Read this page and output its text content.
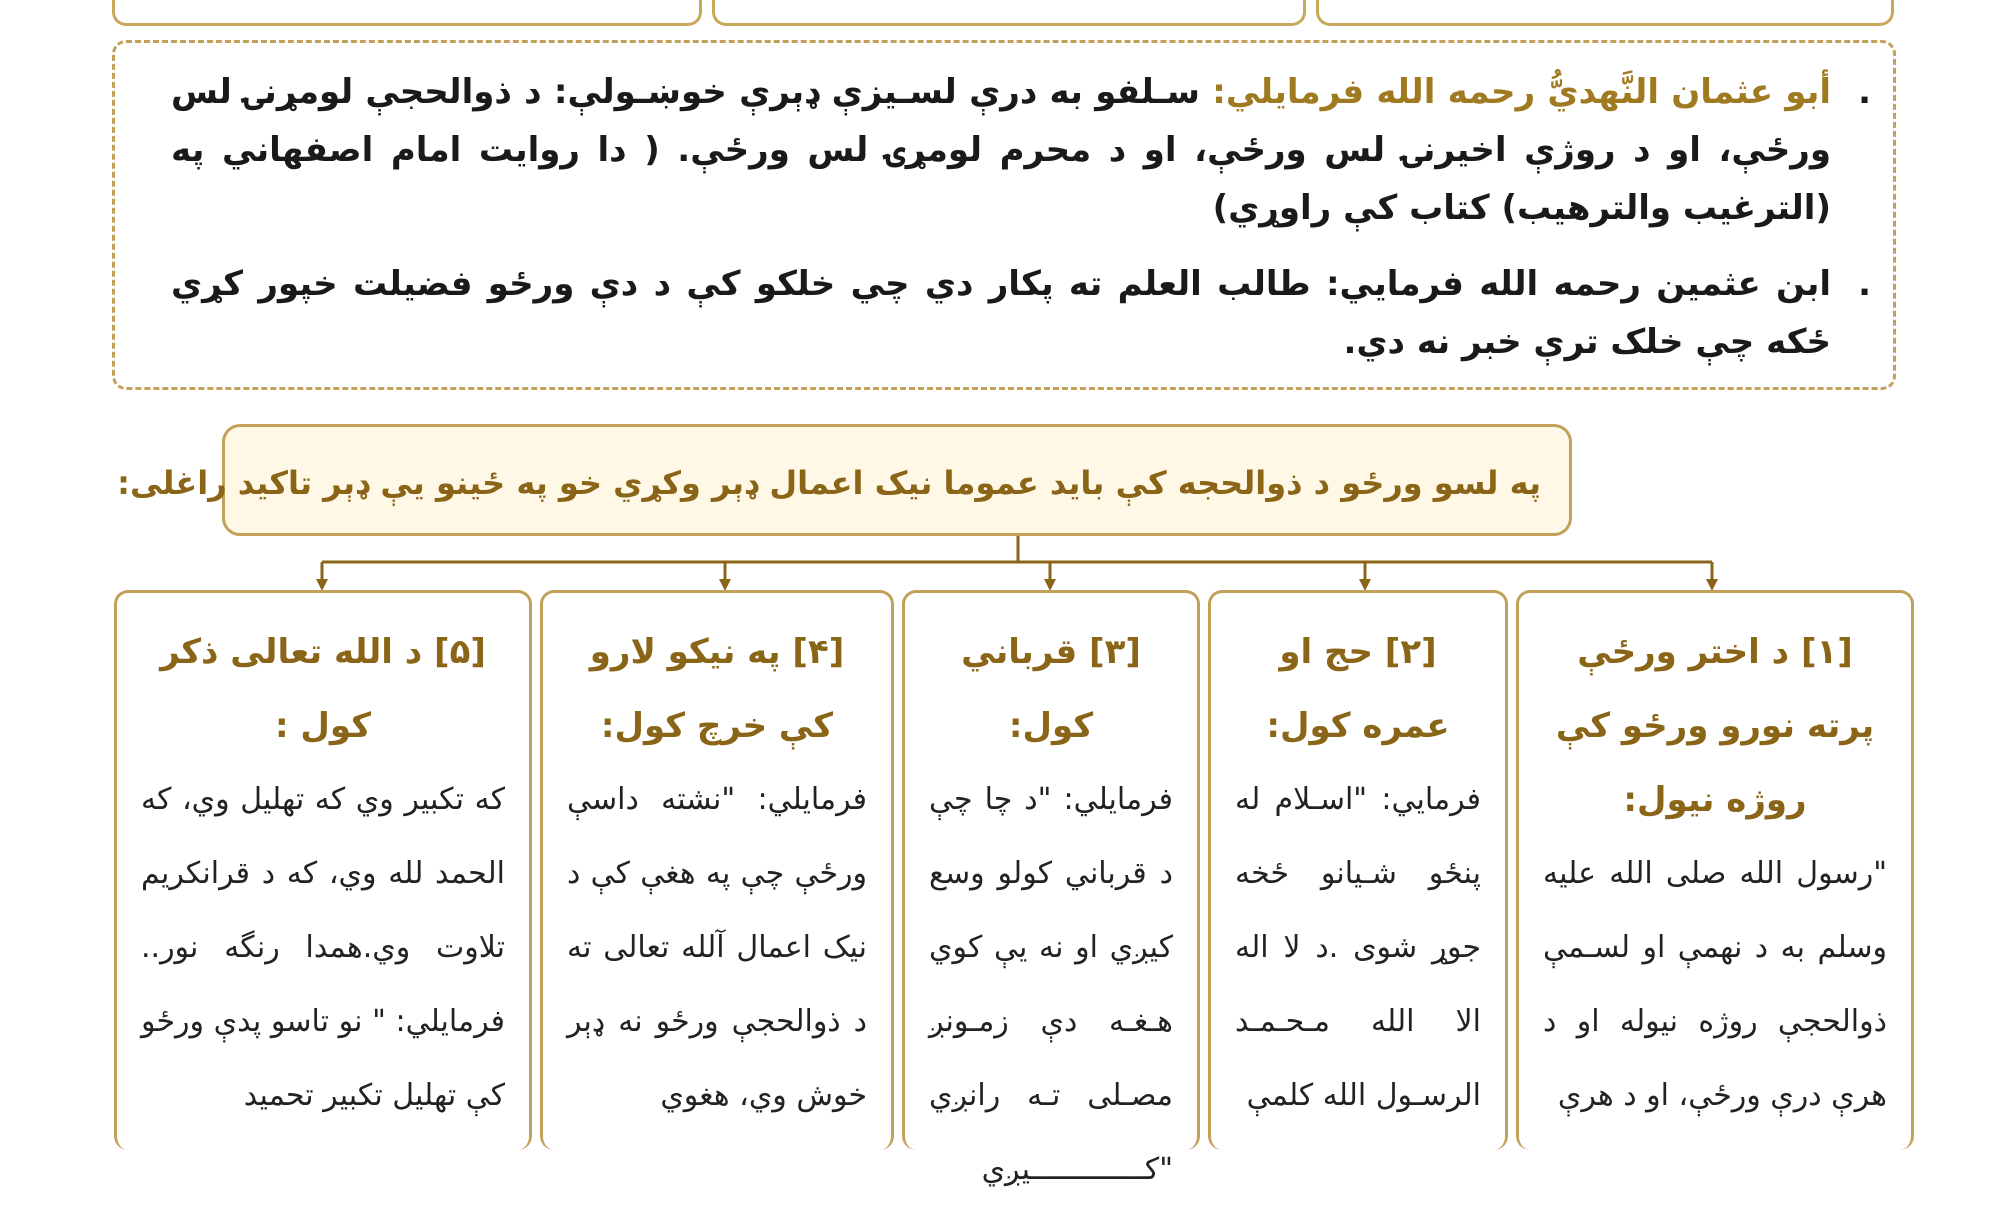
. أبو عثمان النَّهديُّ رحمه الله فرمايلي: سـلفو به درې لسـيزې ډېرې خوښـولې: د ذوالحجې لومړنۍ لس ورځې، او د روژې اخيرنۍ لس ورځې، او د محرم لومړۍ لس ورځې. ( دا روايت امام اصفهاني په (الترغيب والترهيب) كتاب كې راوړي)
. ابن عثمين رحمه الله فرمايي: طالب العلم ته پكار دي چي خلكو كې د دې ورځو فضيلت خپور كړي ځكه چې خلک ترې خبر نه دي.
په لسو ورځو د ذوالحجه کې باید عموما نیک اعمال ډېر وکړي خو په ځینو یې ډېر تاکید راغلی:
[۱] د اختر ورځې پرته نورو ورځو کې روژه نیول:
"رسول الله صلى الله علیه وسلم به د نهمې او لسـمې ذوالحجې روژه نیوله او د هرې درې ورځې، او د هرې
[۲] حج او عمره كول:
فرمایي: "اسـلام له پنځو شـيانو ځخه جوړ شوی .د لا اله الا الله مـحـمـد الرسـول الله کلمې
[۳] قرباني كول:
فرمايلي: "د چا چې د قرباني کولو وسع كيږي او نه يې کوي هـغـه دې زمـونږ مصـلى تـه رانږي "كـــــــــــــيږي
[۴] په نيكو لارو كې خرچ كول:
فرمایلي: "نشته داسې ورځې چې په هغې کې د نیک اعمال آلله تعالی ته د ذوالحجې ورځو نه ډېر خوش وي، هغوي
[۵] د الله تعالى ذكر كول :
كه تكبير وي كه تهليل وي، كه الحمد لله وي، كه د قرانكريم تلاوت وي.همدا رنگه نور.. فرمايلي: " نو تاسو پدې ورځو کې تهليل تكبير تحميد
